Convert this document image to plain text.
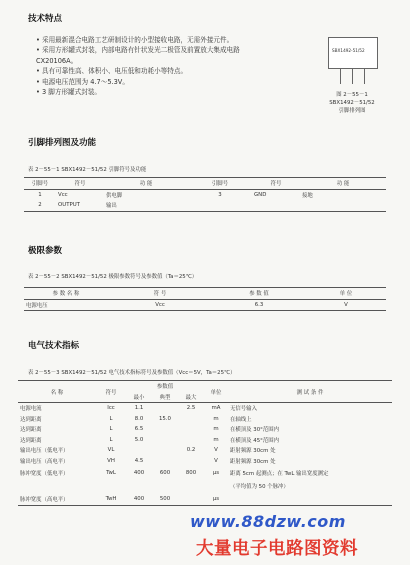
技术特点
• 采用最新混合电路工艺研制设计的小型接收电路，无需外接元件。
• 采用方形罐式封装，内部电路有针状发光二极管及前置放大集成电路
CX20106A。
• 具有可靠性高、体积小、电压低和功耗小等特点。
• 电源电压范围为 4.7～5.3V。
• 3 脚方形罐式封装。
SBX1492-51/52
图 2－55－1
SBX1492－51/52
引脚排列图
引脚排列图及功能
表 2－55－1 SBX1492－51/52 引脚符号及功能
引脚号	符号	功 能	引脚号	符号	功 能
1	Vcc	供电脚	3	GND	接地
2	OUTPUT	输出			
极限参数
表 2－55－2 SBX1492－51/52 极限参数符号及参数值（Ta＝25℃）
参 数 名 称	符 号	参 数 值	单 位
电源电压	Vcc	6.3	V
电气技术指标
表 2－55－3 SBX1492－51/52 电气技术指标符号及参数值（Vcc＝5V，Ta＝25℃）
名 称	符号	参数值			单位	测 试 条 件
		最小	典型	最大		
电源电流	Icc	1.1		2.5	mA	无信号输入
达到距离	L	8.0	15.0		m	在轴线上
达到距离	L	6.5			m	在横顶及 30°范围内
达到距离	L	5.0			m	在横顶及 45°范围内
输出电压（低电平）	VL			0.2	V	距射频源 30cm 处
输出电压（高电平）	VH	4.5			V	距射频源 30cm 处
脉冲宽度（低电平）	TwL	400	600	800	μs	距离 5cm 起测点；在 TwL 输出宽度测定
						（平均值为 50 个脉冲）
脉冲宽度（高电平）	TwH	400	500		μs	
www.88dzw.com
大量电子电路图资料
